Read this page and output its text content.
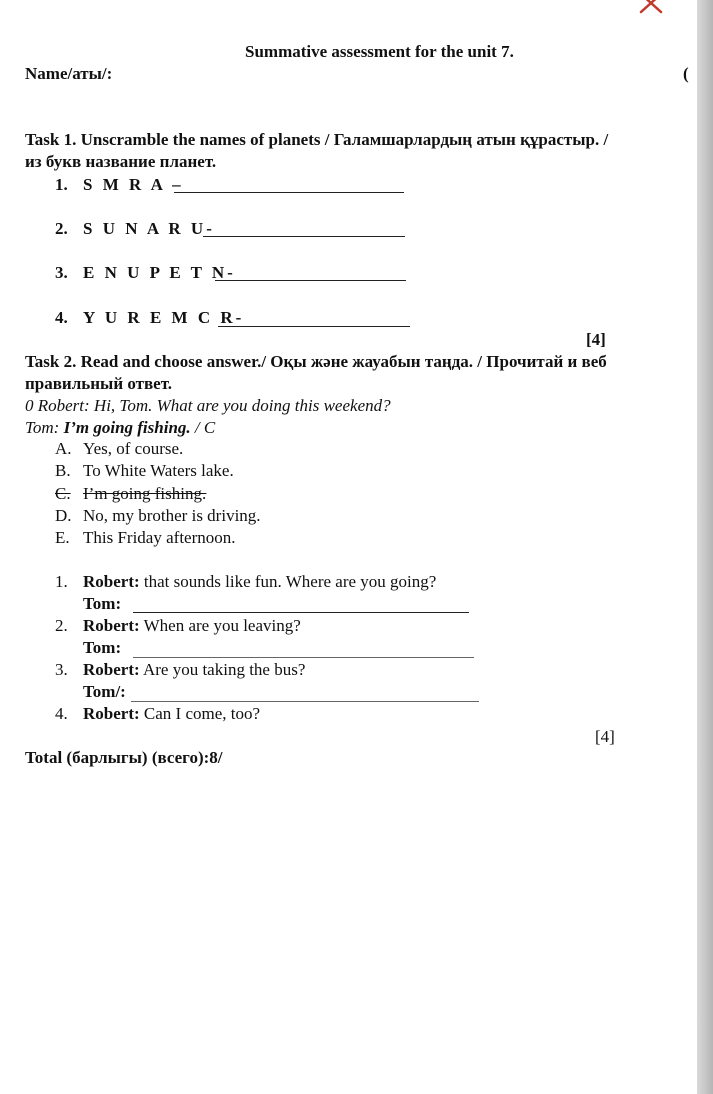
Summative assessment for the unit 7.
Name/аты/:	(
Task 1. Unscramble the names of planets / Галамшарлардың атын құрастыр. /
из букв название планет.
1. S M R A –
2. S U N A R U-
3. E N U P E T N-
4. Y U R E M C R-
[4]
Task 2. Read and choose answer./ Оқы және жауабын таңда. / Прочитай и веб
правильный ответ.
0 Robert: Hi, Tom. What are you doing this weekend?
Tom: I’m going fishing. / C
A. Yes, of course.
B. To White Waters lake.
C. I’m going fishing.
D. No, my brother is driving.
E. This Friday afternoon.
1. Robert: that sounds like fun. Where are you going?
Tom:
2. Robert: When are you leaving?
Tom:
3. Robert: Are you taking the bus?
Tom/:
4. Robert: Can I come, too?
[4]
Total (барлыгы) (всего):8/
